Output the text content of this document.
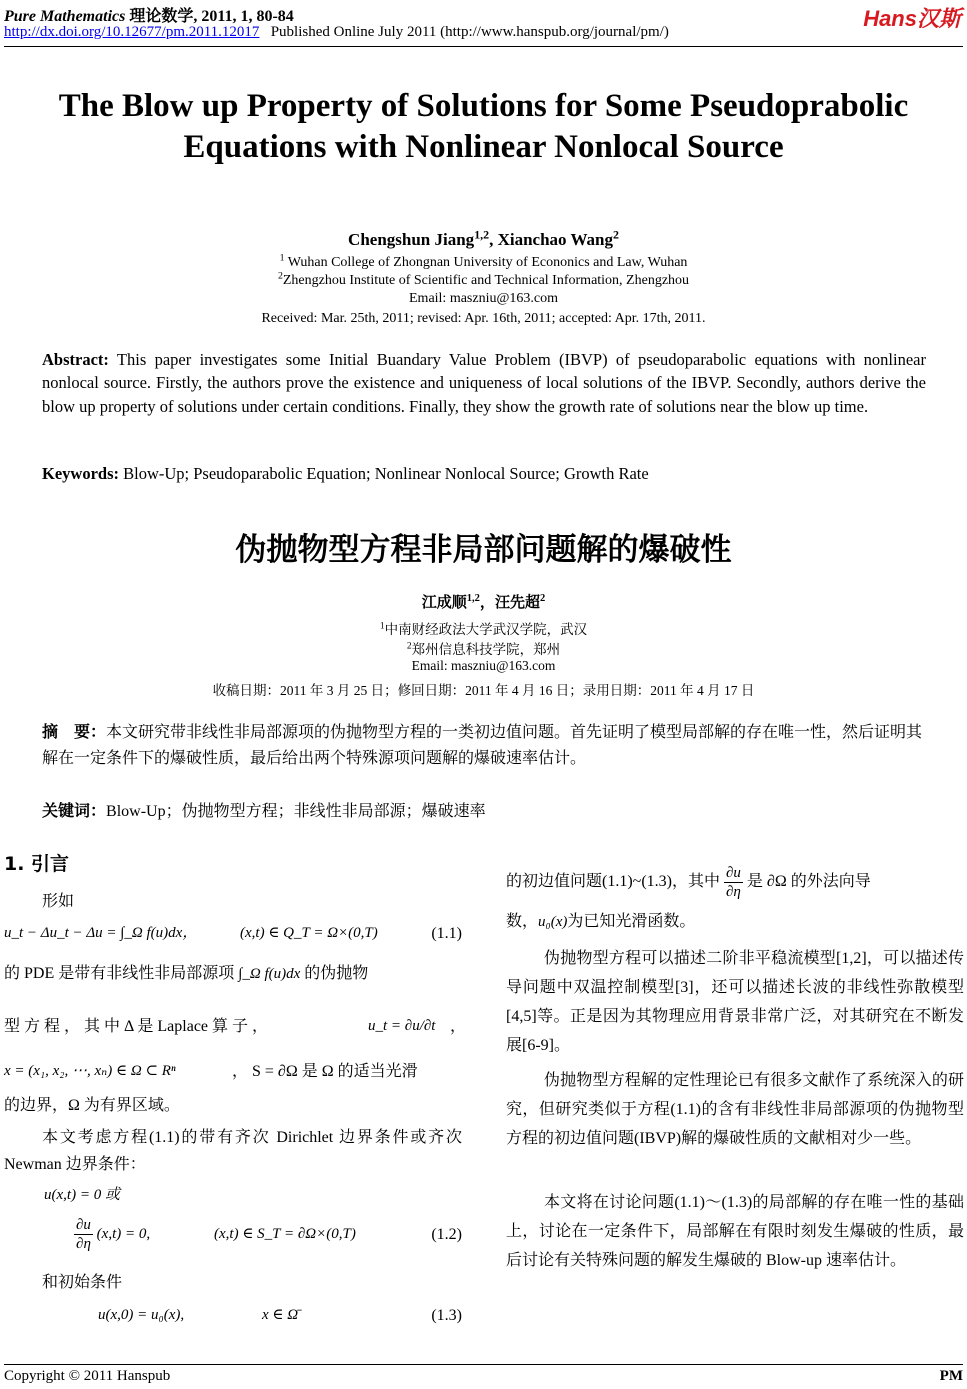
Pure Mathematics 理论数学, 2011, 1, 80-84
http://dx.doi.org/10.12677/pm.2011.12017 Published Online July 2011 (http://www.hanspub.org/journal/pm/)
Hans汉斯
The Blow up Property of Solutions for Some Pseudoprabolic Equations with Nonlinear Nonlocal Source
Chengshun Jiang$^{1,2}$, Xianchao Wang$^2$
$^1$ Wuhan College of Zhongnan University of Econonics and Law, Wuhan
$^2$Zhengzhou Institute of Scientific and Technical Information, Zhengzhou
Email: maszniu@163.com
Received: Mar. 25th, 2011; revised: Apr. 16th, 2011; accepted: Apr. 17th, 2011.
Abstract: This paper investigates some Initial Buandary Value Problem (IBVP) of pseudoparabolic equations with nonlinear nonlocal source. Firstly, the authors prove the existence and uniqueness of local solutions of the IBVP. Secondly, authors derive the blow up property of solutions under certain conditions. Finally, they show the growth rate of solutions near the blow up time.
Keywords: Blow-Up; Pseudoparabolic Equation; Nonlinear Nonlocal Source; Growth Rate
伪抛物型方程非局部问题解的爆破性
江成顺$^{1,2}$，汪先超$^2$
$^1$中南财经政法大学武汉学院，武汉
$^2$郑州信息科技学院，郑州
Email: maszniu@163.com
收稿日期：2011 年 3 月 25 日；修回日期：2011 年 4 月 16 日；录用日期：2011 年 4 月 17 日
摘　要：本文研究带非线性非局部源项的伪抛物型方程的一类初边值问题。首先证明了模型局部解的存在唯一性，然后证明其解在一定条件下的爆破性质，最后给出两个特殊源项问题解的爆破速率估计。
关键词：Blow-Up；伪抛物型方程；非线性非局部源；爆破速率
1. 引言
形如
u_t − Δu_t − Δu = ∫_Ω f(u)dx，	(x,t) ∈ Q_T = Ω×(0,T)	(1.1)
的 PDE 是带有非线性非局部源项 ∫_Ω f(u)dx 的伪抛物
型 方 程 ， 其 中 Δ 是 Laplace 算 子 ，	u_t = ∂u/∂t ，
x = (x₁, x₂, ⋯, xₙ) ∈ Ω ⊂ Rⁿ	， S = ∂Ω 是 Ω 的适当光滑
的边界，Ω 为有界区域。
本文考虑方程(1.1)的带有齐次 Dirichlet 边界条件或齐次 Newman 边界条件：
u(x,t) = 0 或
$\frac{\partial u}{\partial\eta} (x,t) = 0$,	(x,t) ∈ S_T = ∂Ω×(0,T)	(1.2)
和初始条件
u(x,0) = u₀(x),	x ∈ Ω̄	(1.3)
的初边值问题(1.1)~(1.3)，其中 $\frac{\partial u}{\partial\eta}$ 是 ∂Ω 的外法向导
数，u₀(x)为已知光滑函数。
伪抛物型方程可以描述二阶非平稳流模型[1,2]，可以描述传导问题中双温控制模型[3]，还可以描述长波的非线性弥散模型[4,5]等。正是因为其物理应用背景非常广泛，对其研究在不断发展[6-9]。
伪抛物型方程解的定性理论已有很多文献作了系统深入的研究，但研究类似于方程(1.1)的含有非线性非局部源项的伪抛物型方程的初边值问题(IBVP)解的爆破性质的文献相对少一些。
本文将在讨论问题(1.1)～(1.3)的局部解的存在唯一性的基础上，讨论在一定条件下，局部解在有限时刻发生爆破的性质，最后讨论有关特殊问题的解发生爆破的 Blow-up 速率估计。
Copyright © 2011 Hanspub	PM
